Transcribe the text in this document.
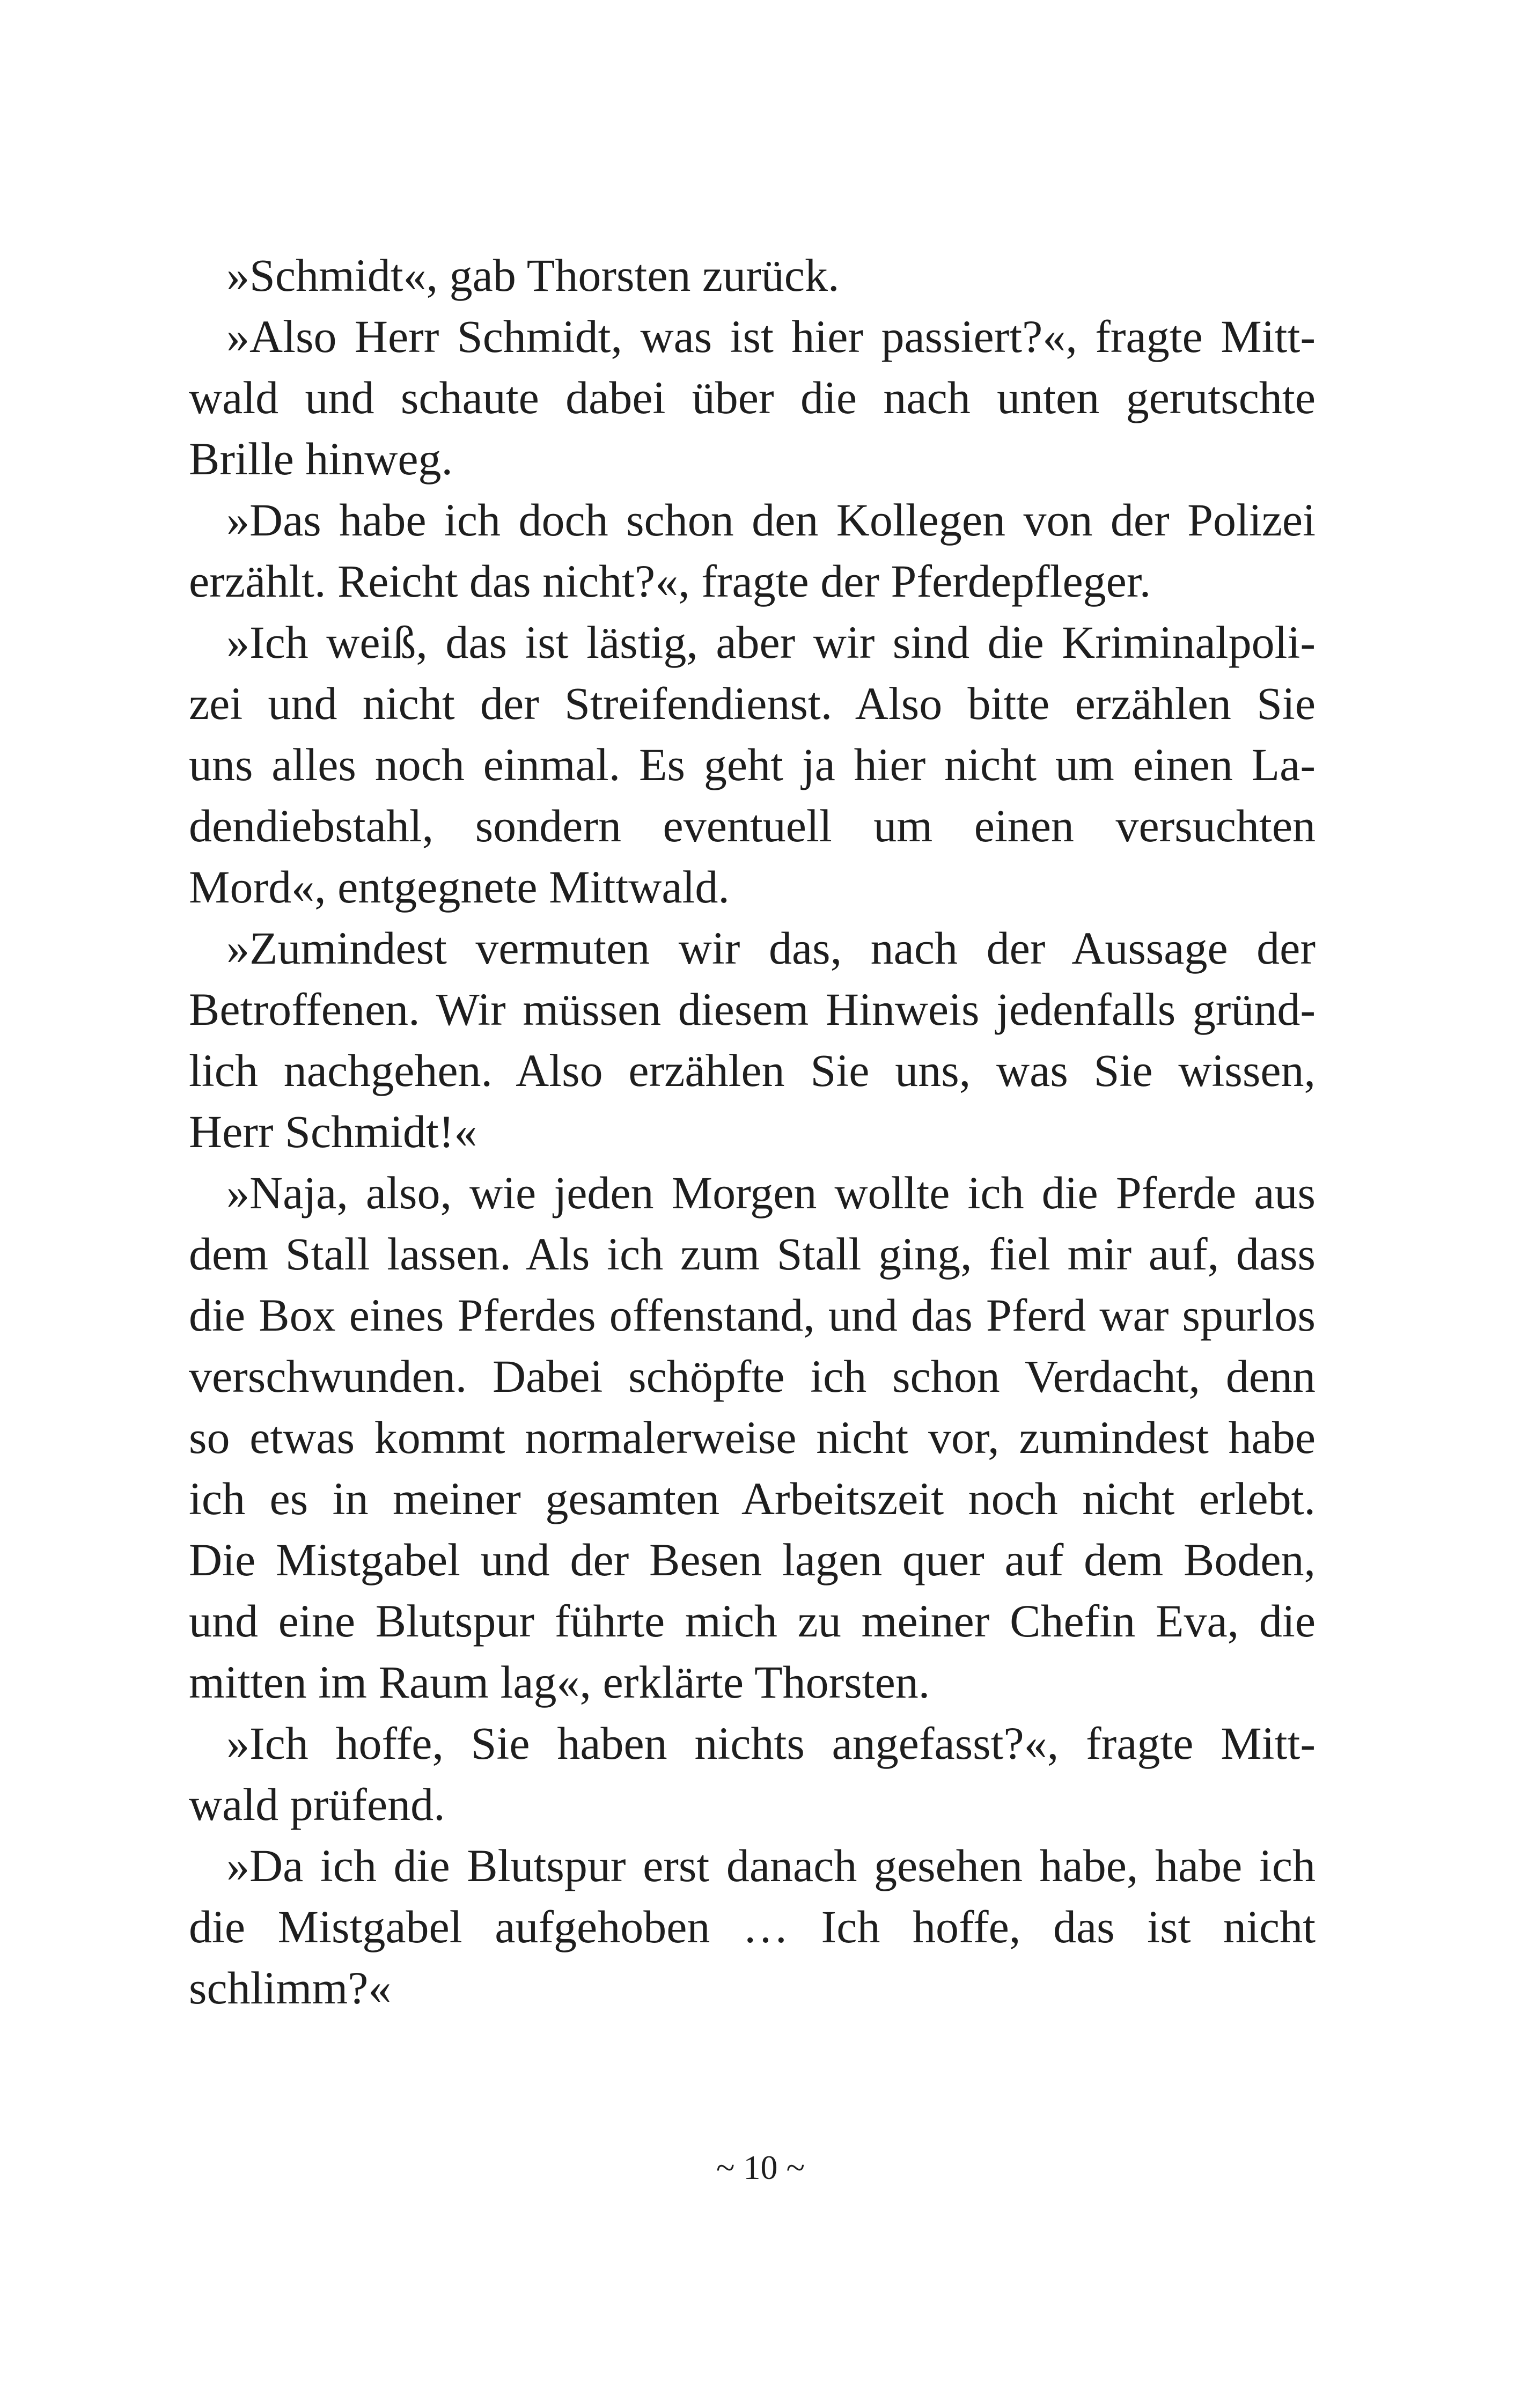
»Schmidt«, gab Thorsten zurück.
»Also Herr Schmidt, was ist hier passiert?«, fragte Mitt-
wald und schaute dabei über die nach unten gerutschte
Brille hinweg.
»Das habe ich doch schon den Kollegen von der Polizei
erzählt. Reicht das nicht?«, fragte der Pferdepfleger.
»Ich weiß, das ist lästig, aber wir sind die Kriminalpoli-
zei und nicht der Streifendienst. Also bitte erzählen Sie
uns alles noch einmal. Es geht ja hier nicht um einen La-
dendiebstahl, sondern eventuell um einen versuchten
Mord«, entgegnete Mittwald.
»Zumindest vermuten wir das, nach der Aussage der
Betroffenen. Wir müssen diesem Hinweis jedenfalls gründ-
lich nachgehen. Also erzählen Sie uns, was Sie wissen,
Herr Schmidt!«
»Naja, also, wie jeden Morgen wollte ich die Pferde aus
dem Stall lassen. Als ich zum Stall ging, fiel mir auf, dass
die Box eines Pferdes offenstand, und das Pferd war spurlos
verschwunden. Dabei schöpfte ich schon Verdacht, denn
so etwas kommt normalerweise nicht vor, zumindest habe
ich es in meiner gesamten Arbeitszeit noch nicht erlebt.
Die Mistgabel und der Besen lagen quer auf dem Boden,
und eine Blutspur führte mich zu meiner Chefin Eva, die
mitten im Raum lag«, erklärte Thorsten.
»Ich hoffe, Sie haben nichts angefasst?«, fragte Mitt-
wald prüfend.
»Da ich die Blutspur erst danach gesehen habe, habe ich
die Mistgabel aufgehoben … Ich hoffe, das ist nicht
schlimm?«
~ 10 ~
